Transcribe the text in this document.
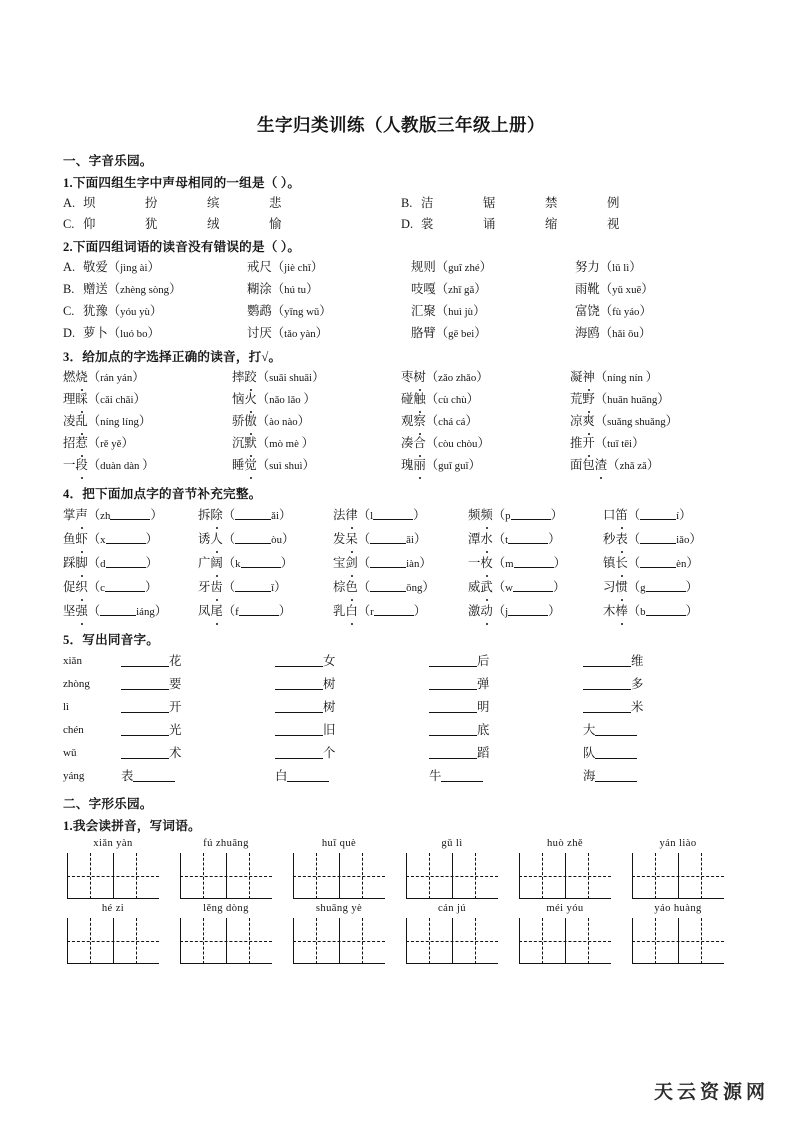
生字归类训练（人教版三年级上册）
一、字音乐园。
1.下面四组生字中声母相同的一组是（ ）。
A. 坝	扮	缤	悲	B. 洁	锯	禁	例
C. 仰	犹	绒	愉	D. 裳	诵	缩	视
2.下面四组词语的读音没有错误的是（ ）。
A. 敬爱（jìng ài）	戒尺（jiè chǐ）	规则（guī zhé）	努力（lǔ lì）
B. 赠送（zhèng sòng）	糊涂（hú tu）	吱嘎（zhī gǎ）	雨靴（yǔ xuē）
C. 犹豫（yóu yù）	鹦鹉（yīng wǔ）	汇聚（huì jù）	富饶（fù yáo）
D. 萝卜（luó bo）	讨厌（tǎo yàn）	胳臂（gē bei）	海鸥（hǎi ōu）
3．给加点的字选择正确的读音，打√。
燃烧（rán yán）	摔跤（suāi shuāi）	枣树（zǎo zhǎo）	凝神（níng nín ）
理睬（cǎi chǎi）	恼火（nǎo lǎo ）	碰触（cù chù）	荒野（huān huāng）
凌乱（níng líng）	骄傲（ào nào）	观察（chá cá）	凉爽（suǎng shuǎng）
招惹（rě yě）	沉默（mò mè ）	凑合（còu chòu）	推开（tuī tēi）
一段（duàn dàn ）	睡觉（suì shuì）	瑰丽（guī guǐ）	面包渣（zhǎ zǎ）
4．把下面加点字的音节补充完整。
掌声（zh	）	拆除（	ǎi）	法律（l	）	频频（p	）	口笛（	í）
鱼虾（x	）	诱人（	òu）	发呆（	āi）	潭水（t	）	秒表（	iǎo）
踩脚（d	）	广阔（k	）	宝剑（	iàn）	一枚（m	）	镇长（	èn）
促织（c	）	牙齿（	ǐ）	棕色（	ōng）	威武（w	）	习惯（g	）
坚强（	iáng）	凤尾（f	）	乳白（r	）	激动（j	）	木棒（b	）
5．写出同音字。
xiǎn	花	女	后	维
zhòng	要	树	弹	多
lì	开	树	明	米
chén	光	旧	底	大
wǔ	术	个	蹈	队
yáng	表	白	牛	海
二、字形乐园。
1.我会读拼音，写词语。
xiǎn yàn	fú zhuāng	huī què	gǔ lì	huò zhě	yán liào
hé zi	lěng dòng	shuāng yè	cán jú	méi yóu	yáo huàng
天云资源网
